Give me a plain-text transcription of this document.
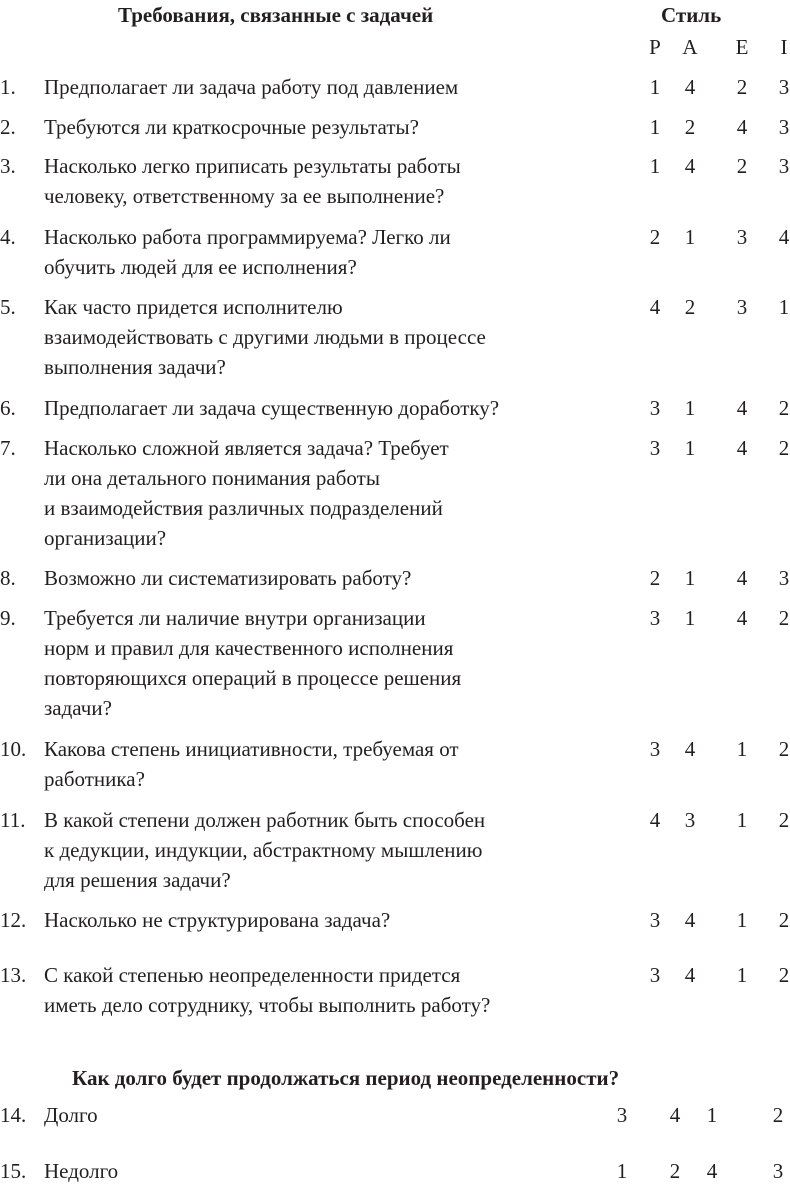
Требования, связанные с задачей	Стиль
P A E	I
1. Предполагает ли задача работу под давлением	1 4 2 3
2. Требуются ли краткосрочные результаты?	1 2 4 3
3. Насколько легко приписать результаты работы
человеку, ответственному за ее выполнение?
1 4 2 3
4. Насколько работа программируема? Легко ли
обучить людей для ее исполнения?
2 1 3 4
5. Как часто придется исполнителю
взаимодействовать с другими людьми в процессе
выполнения задачи?
4 2 3 1
6. Предполагает ли задача существенную доработку?	3 1 4 2
7. Насколько сложной является задача? Требует
ли она детального понимания работы
и взаимодействия различных подразделений
организации?
3 1 4 2
8. Возможно ли систематизировать работу?	2 1 4 3
9. Требуется ли наличие внутри организации
норм и правил для качественного исполнения
повторяющихся операций в процессе решения
задачи?
3 1 4 2
10. Какова степень инициативности, требуемая от
работника?
3 4 1 2
11. В какой степени должен работник быть способен
к дедукции, индукции, абстрактному мышлению
для решения задачи?
4 3 1 2
12. Насколько не структурирована задача?	3 4 1 2
13. С какой степенью неопределенности придется
иметь дело сотруднику, чтобы выполнить работу?
3 4 1 2
Как долго будет продолжаться период неопределенности?
14. Долго	3 4 1	2
15. Недолго	1 2 4	3
